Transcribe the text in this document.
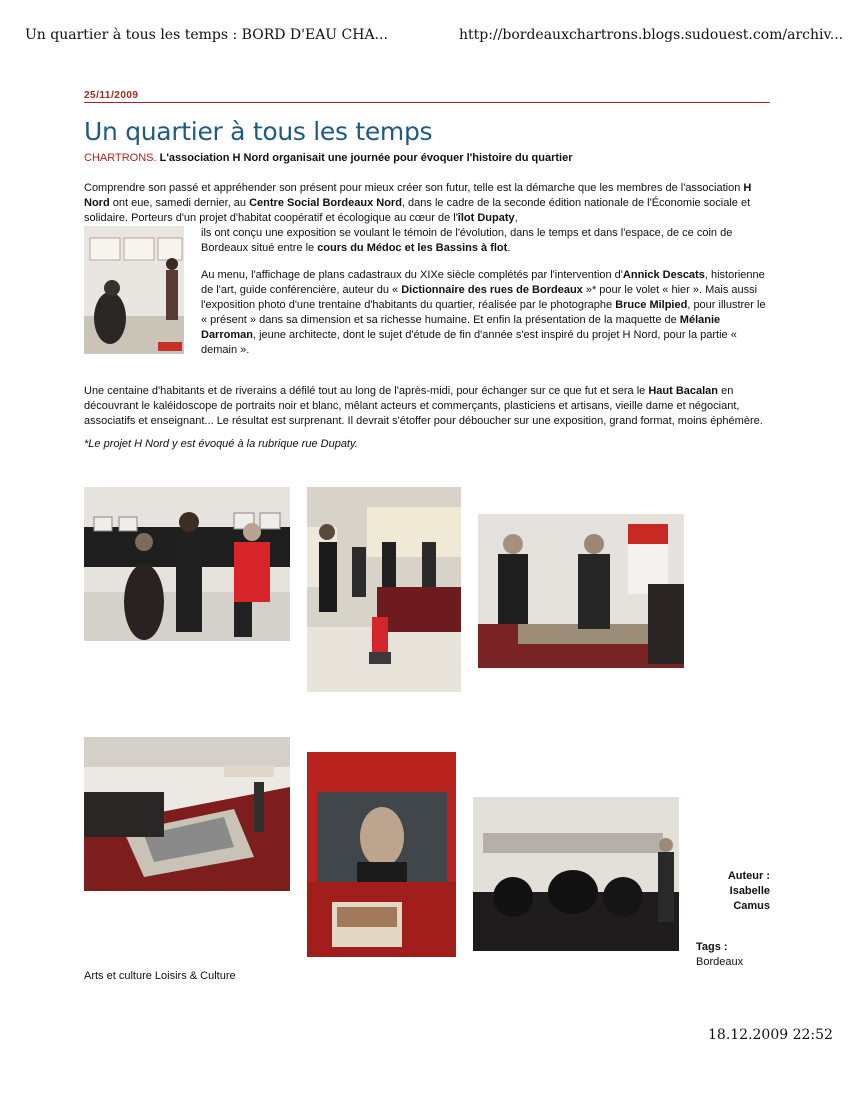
Un quartier à tous les temps : BORD D'EAU CHA...	http://bordeauxchartrons.blogs.sudouest.com/archiv...
25/11/2009
Un quartier à tous les temps
CHARTRONS. L'association H Nord organisait une journée pour évoquer l'histoire du quartier

Comprendre son passé et appréhender son présent pour mieux créer son futur, telle est la démarche que les membres de l'association H Nord ont eue, samedi dernier, au Centre Social Bordeaux Nord, dans le cadre de la seconde édition nationale de l'Économie sociale et solidaire. Porteurs d'un projet d'habitat coopératif et écologique au cœur de l'îlot Dupaty,

ils ont conçu une exposition se voulant le témoin de l'évolution, dans le temps et dans l'espace, de ce coin de Bordeaux situé entre le cours du Médoc et les Bassins à flot.

Au menu, l'affichage de plans cadastraux du XIXe siècle complétés par l'intervention d'Annick Descats, historienne de l'art, guide conférencière, auteur du « Dictionnaire des rues de Bordeaux »* pour le volet « hier ». Mais aussi l'exposition photo d'une trentaine d'habitants du quartier, réalisée par le photographe Bruce Milpied, pour illustrer le « présent » dans sa dimension et sa richesse humaine. Et enfin la présentation de la maquette de Mélanie Darroman, jeune architecte, dont le sujet d'étude de fin d'année s'est inspiré du projet H Nord, pour la partie « demain ».

Une centaine d'habitants et de riverains a défilé tout au long de l'après-midi, pour échanger sur ce que fut et sera le Haut Bacalan en découvrant le kaléidoscope de portraits noir et blanc, mêlant acteurs et commerçants, plasticiens et artisans, vieille dame et négociant, associatifs et enseignant... Le résultat est surprenant. Il devrait s'étoffer pour déboucher sur une exposition, grand format, moins éphémère.

*Le projet H Nord y est évoqué à la rubrique rue Dupaty.
Auteur :
Isabelle
Camus
Tags :
Bordeaux
Arts et culture Loisirs & Culture
18.12.2009 22:52
